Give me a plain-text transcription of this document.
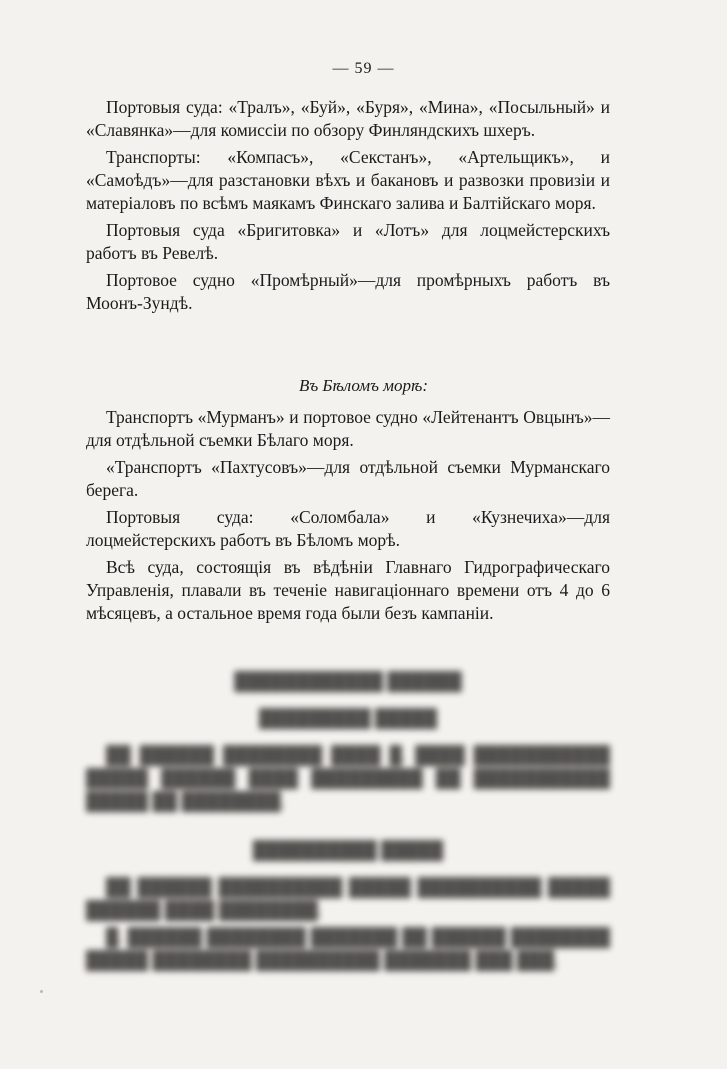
— 59 —

Портовыя суда: «Тралъ», «Буй», «Буря», «Мина», «Посыльный» и «Славянка»—для комиссіи по обзору Финляндскихъ шхеръ.

Транспорты: «Компасъ», «Секстанъ», «Артельщикъ», и «Самоѣдъ»—для разстановки вѣхъ и бакановъ и развозки провизіи и матеріаловъ по всѣмъ маякамъ Финскаго залива и Балтійскаго моря.

Портовыя суда «Бригитовка» и «Лотъ» для лоцмейстерскихъ работъ въ Ревелѣ.

Портовое судно «Промѣрный»—для промѣрныхъ работъ въ Моонъ-Зундѣ.

Въ Бѣломъ морѣ:

Транспортъ «Мурманъ» и портовое судно «Лейтенантъ Овцынъ»—для отдѣльной съемки Бѣлаго моря.

«Транспортъ «Пахтусовъ»—для отдѣльной съемки Мурманскаго берега.

Портовыя суда: «Соломбала» и «Кузнечиха»—для лоцмейстерскихъ работъ въ Бѣломъ морѣ.

Всѣ суда, состоящія въ вѣдѣніи Главнаго Гидрографическаго Управленія, плавали въ теченіе навигаціоннаго времени отъ 4 до 6 мѣсяцевъ, а остальное время года были безъ кампаніи.

████████████ ██████
█████████ █████

██ ██████ ████████ ████ █. ████ ███████████ █████ ██████ ████ █████████ ██ ███████████ █████ ██ ████████.

██████████ █████

██ ██████ ██████████ █████ ██████████ █████ ██████ ████ ████████.

█. ██████ ████████ ███████ ██ ██████ ████████ █████ ████████ ██████████ ███████ ███ ███.
